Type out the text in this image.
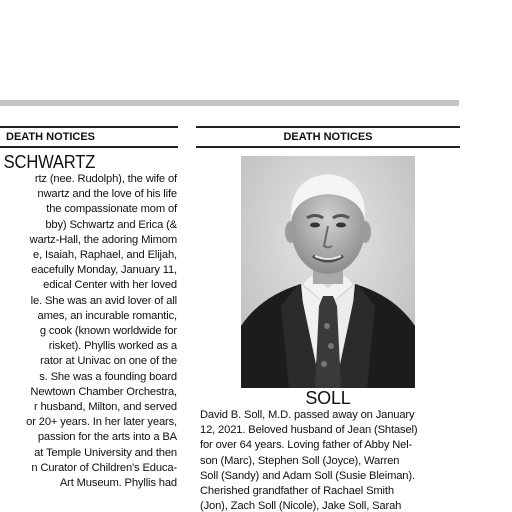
DEATH NOTICES
SCHWARTZ
rtz (nee. Rudolph), the wife of
nwartz and the love of his life
the compassionate mom of
bby) Schwartz and Erica (&
wartz-Hall, the adoring Mimom
e, Isaiah, Raphael, and Elijah,
eacefully Monday, January 11,
edical Center with her loved
le. She was an avid lover of all
ames, an incurable romantic,
g cook (known worldwide for
risket). Phyllis worked as a
rator at Univac on one of the
s. She was a founding board
Newtown Chamber Orchestra,
r husband, Milton, and served
or 20+ years. In her later years,
passion for the arts into a BA
at Temple University and then
n Curator of Children's Educa-
Art Museum. Phyllis had
DEATH NOTICES
SOLL
David B. Soll, M.D. passed away on January
12, 2021. Beloved husband of Jean (Shtasel)
for over 64 years. Loving father of Abby Nel-
son (Marc), Stephen Soll (Joyce), Warren
Soll (Sandy) and Adam Soll (Susie Bleiman).
Cherished grandfather of Rachael Smith
(Jon), Zach Soll (Nicole), Jake Soll, Sarah
